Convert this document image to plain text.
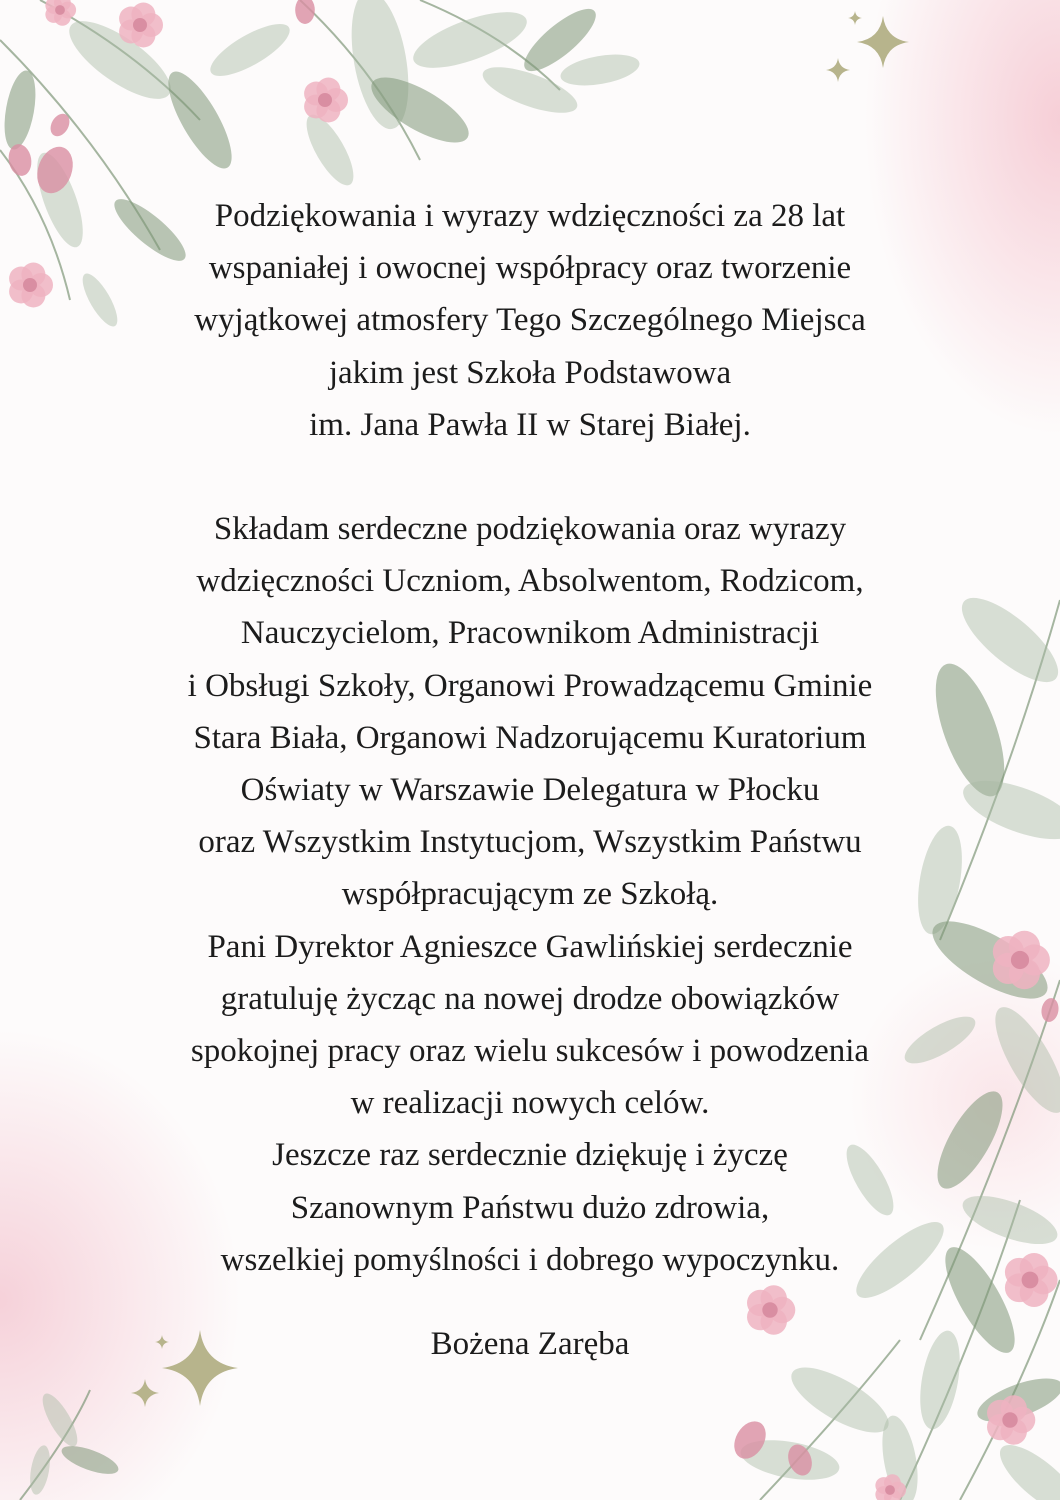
Podziękowania i wyrazy wdzięczności za 28 lat
wspaniałej i owocnej współpracy oraz tworzenie
wyjątkowej atmosfery Tego Szczególnego Miejsca
jakim jest Szkoła Podstawowa
im. Jana Pawła II w Starej Białej.
Składam serdeczne podziękowania oraz wyrazy
wdzięczności Uczniom, Absolwentom, Rodzicom,
Nauczycielom, Pracownikom Administracji
i Obsługi Szkoły, Organowi Prowadzącemu Gminie
Stara Biała, Organowi Nadzorującemu Kuratorium
Oświaty w Warszawie Delegatura w Płocku
oraz Wszystkim Instytucjom, Wszystkim Państwu
współpracującym ze Szkołą.
Pani Dyrektor Agnieszce Gawlińskiej serdecznie
gratuluję życząc na nowej drodze obowiązków
spokojnej pracy oraz wielu sukcesów i powodzenia
w realizacji nowych celów.
Jeszcze raz serdecznie dziękuję i życzę
Szanownym Państwu dużo zdrowia,
wszelkiej pomyślności i dobrego wypoczynku.
Bożena Zaręba
